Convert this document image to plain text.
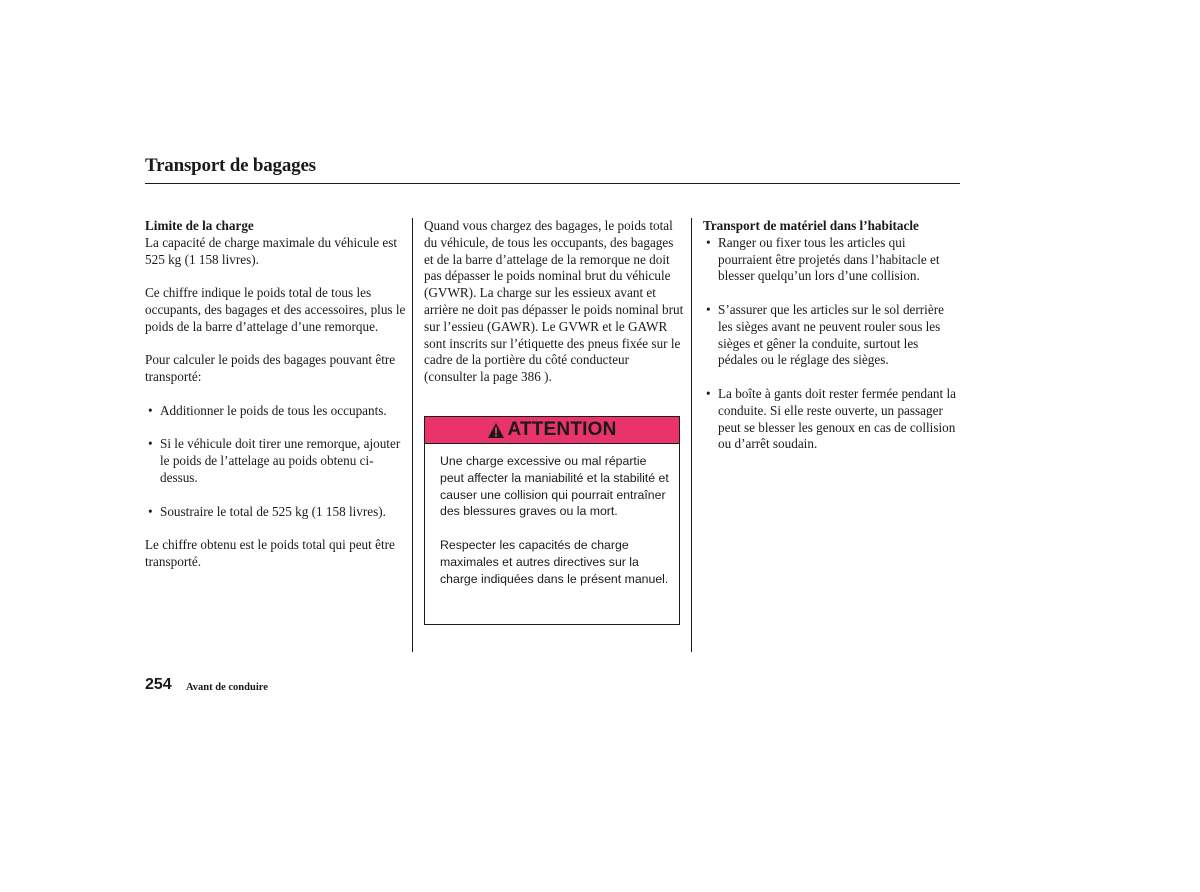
Transport de bagages

Limite de la charge

La capacité de charge maximale du véhicule est 525 kg (1 158 livres).

Ce chiffre indique le poids total de tous les occupants, des bagages et des accessoires, plus le poids de la barre d’attelage d’une remorque.

Pour calculer le poids des bagages pouvant être transporté:

• Additionner le poids de tous les occupants.
• Si le véhicule doit tirer une remorque, ajouter le poids de l’attelage au poids obtenu ci-dessus.
• Soustraire le total de 525 kg (1 158 livres).

Le chiffre obtenu est le poids total qui peut être transporté.

Quand vous chargez des bagages, le poids total du véhicule, de tous les occupants, des bagages et de la barre d’attelage de la remorque ne doit pas dépasser le poids nominal brut du véhicule (GVWR). La charge sur les essieux avant et arrière ne doit pas dépasser le poids nominal brut sur l’essieu (GAWR). Le GVWR et le GAWR sont inscrits sur l’étiquette des pneus fixée sur le cadre de la portière du côté conducteur (consulter la page 386 ).

ATTENTION

Une charge excessive ou mal répartie peut affecter la maniabilité et la stabilité et causer une collision qui pourrait entraîner des blessures graves ou la mort.

Respecter les capacités de charge maximales et autres directives sur la charge indiquées dans le présent manuel.

Transport de matériel dans l’habitacle

• Ranger ou fixer tous les articles qui pourraient être projetés dans l’habitacle et blesser quelqu’un lors d’une collision.
• S’assurer que les articles sur le sol derrière les sièges avant ne peuvent rouler sous les sièges et gêner la conduite, surtout les pédales ou le réglage des sièges.
• La boîte à gants doit rester fermée pendant la conduite. Si elle reste ouverte, un passager peut se blesser les genoux en cas de collision ou d’arrêt soudain.
254 Avant de conduire
